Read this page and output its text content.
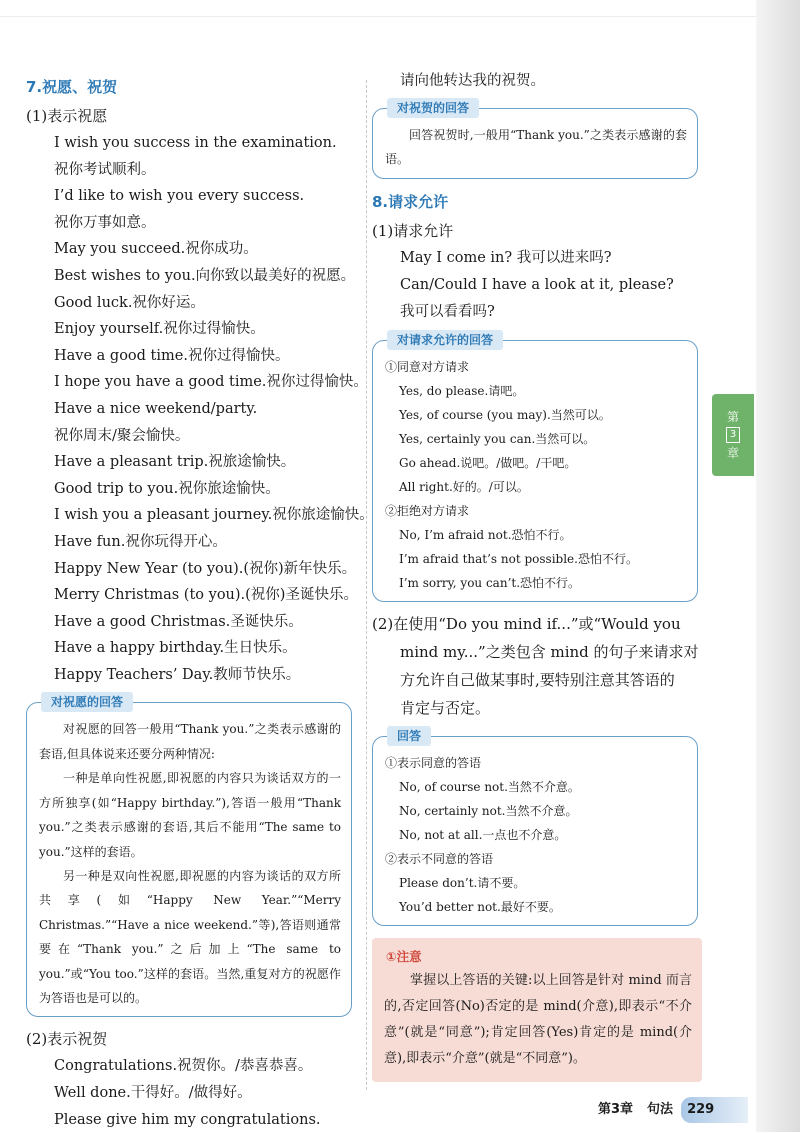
7.祝愿、祝贺
(1)表示祝愿
I wish you success in the examination.
祝你考试顺利。
I’d like to wish you every success.
祝你万事如意。
May you succeed.祝你成功。
Best wishes to you.向你致以最美好的祝愿。
Good luck.祝你好运。
Enjoy yourself.祝你过得愉快。
Have a good time.祝你过得愉快。
I hope you have a good time.祝你过得愉快。
Have a nice weekend/party.
祝你周末/聚会愉快。
Have a pleasant trip.祝旅途愉快。
Good trip to you.祝你旅途愉快。
I wish you a pleasant journey.祝你旅途愉快。
Have fun.祝你玩得开心。
Happy New Year (to you).(祝你)新年快乐。
Merry Christmas (to you).(祝你)圣诞快乐。
Have a good Christmas.圣诞快乐。
Have a happy birthday.生日快乐。
Happy Teachers’ Day.教师节快乐。
对祝愿的回答

对祝愿的回答一般用“Thank you.”之类表示感谢的套语,但具体说来还要分两种情况:

一种是单向性祝愿,即祝愿的内容只为谈话双方的一方所独享(如“Happy birthday.”),答语一般用“Thank you.”之类表示感谢的套语,其后不能用“The same to you.”这样的套语。

另一种是双向性祝愿,即祝愿的内容为谈话的双方所共享(如“Happy New Year.”“Merry Christmas.”“Have a nice weekend.”等),答语则通常要在“Thank you.”之后加上“The same to you.”或“You too.”这样的套语。当然,重复对方的祝愿作为答语也是可以的。

(2)表示祝贺
Congratulations.祝贺你。/恭喜恭喜。
Well done.干得好。/做得好。
Please give him my congratulations.
请向他转达我的祝贺。
对祝贺的回答

回答祝贺时,一般用“Thank you.”之类表示感谢的套语。

8.请求允许
(1)请求允许
May I come in? 我可以进来吗?
Can/Could I have a look at it, please?
我可以看看吗?
对请求允许的回答
①同意对方请求
Yes, do please.请吧。
Yes, of course (you may).当然可以。
Yes, certainly you can.当然可以。
Go ahead.说吧。/做吧。/干吧。
All right.好的。/可以。
②拒绝对方请求
No, I’m afraid not.恐怕不行。
I’m afraid that’s not possible.恐怕不行。
I’m sorry, you can’t.恐怕不行。
(2)在使用“Do you mind if...”或“Would you
mind my...”之类包含 mind 的句子来请求对
方允许自己做某事时,要特别注意其答语的
肯定与否定。
回答
①表示同意的答语
No, of course not.当然不介意。
No, certainly not.当然不介意。
No, not at all.一点也不介意。
②表示不同意的答语
Please don’t.请不要。
You’d better not.最好不要。
①注意

掌握以上答语的关键:以上回答是针对 mind 而言的,否定回答(No)否定的是 mind(介意),即表示“不介意”(就是“同意”);肯定回答(Yes)肯定的是 mind(介意),即表示“介意”(就是“不同意”)。

第
3
章
第3章 句法 229
